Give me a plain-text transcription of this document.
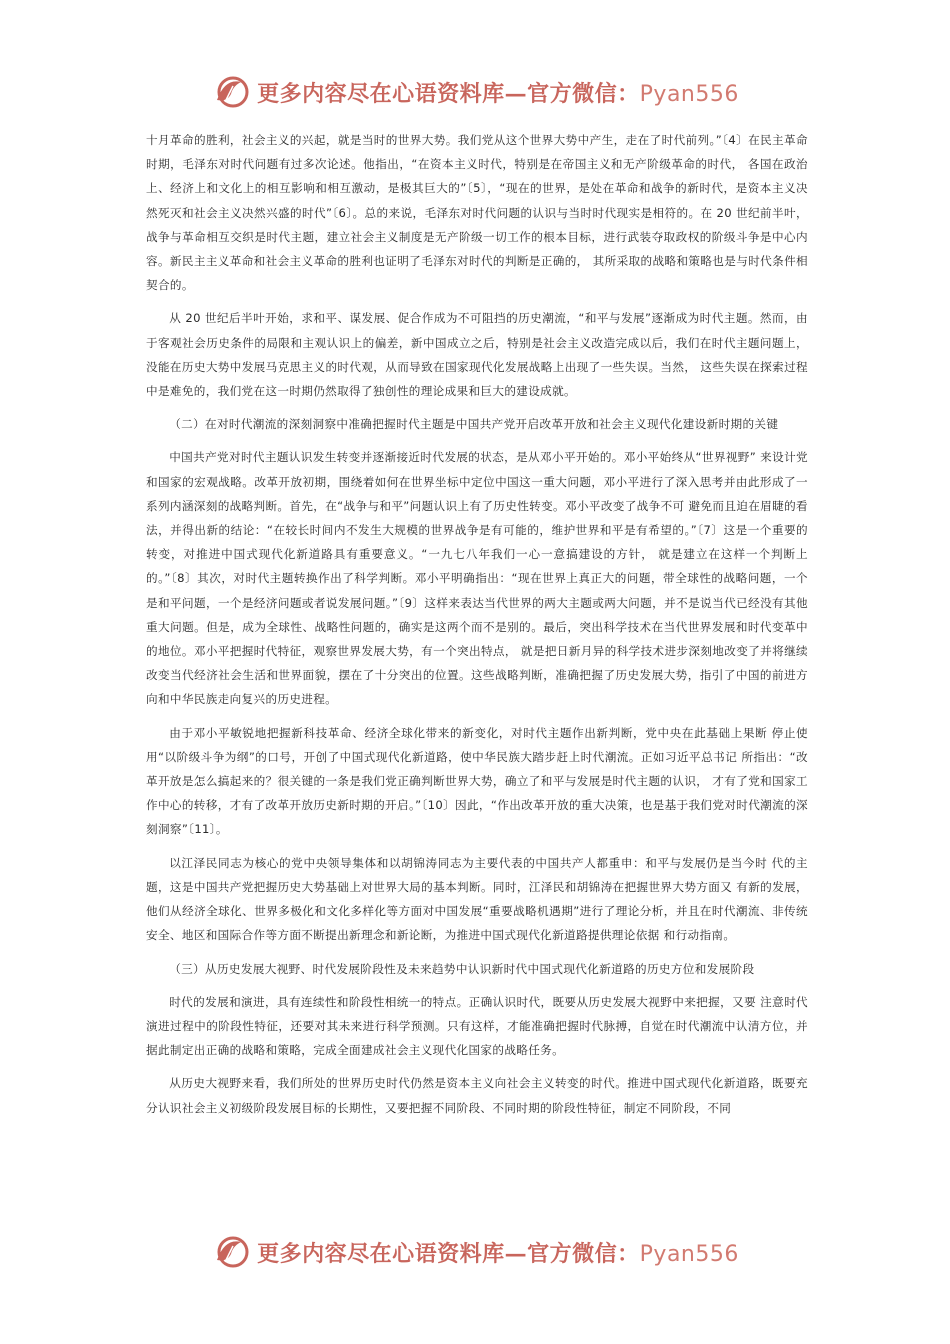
更多内容尽在心语资料库—官方微信：Pyan556

十月革命的胜利，社会主义的兴起，就是当时的世界大势。我们党从这个世界大势中产生，走在了时代前列。”〔4〕在民主革命时期，毛泽东对时代问题有过多次论述。他指出，“在资本主义时代，特别是在帝国主义和无产阶级革命的时代， 各国在政治上、经济上和文化上的相互影响和相互激动，是极其巨大的”〔5〕，“现在的世界，是处在革命和战争的新时代，是资本主义决然死灭和社会主义决然兴盛的时代”〔6〕。总的来说，毛泽东对时代问题的认识与当时时代现实是相符的。在 20 世纪前半叶，战争与革命相互交织是时代主题，建立社会主义制度是无产阶级一切工作的根本目标，进行武装夺取政权的阶级斗争是中心内容。新民主主义革命和社会主义革命的胜利也证明了毛泽东对时代的判断是正确的， 其所采取的战略和策略也是与时代条件相契合的。

从 20 世纪后半叶开始，求和平、谋发展、促合作成为不可阻挡的历史潮流，“和平与发展”逐渐成为时代主题。然而，由于客观社会历史条件的局限和主观认识上的偏差，新中国成立之后，特别是社会主义改造完成以后，我们在时代主题问题上，没能在历史大势中发展马克思主义的时代观，从而导致在国家现代化发展战略上出现了一些失误。当然， 这些失误在探索过程中是难免的，我们党在这一时期仍然取得了独创性的理论成果和巨大的建设成就。

（二）在对时代潮流的深刻洞察中准确把握时代主题是中国共产党开启改革开放和社会主义现代化建设新时期的关键

中国共产党对时代主题认识发生转变并逐渐接近时代发展的状态，是从邓小平开始的。邓小平始终从“世界视野” 来设计党和国家的宏观战略。改革开放初期，围绕着如何在世界坐标中定位中国这一重大问题，邓小平进行了深入思考并由此形成了一系列内涵深刻的战略判断。首先，在“战争与和平”问题认识上有了历史性转变。邓小平改变了战争不可 避免而且迫在眉睫的看法，并得出新的结论：“在较长时间内不发生大规模的世界战争是有可能的，维护世界和平是有希望的。”〔7〕这是一个重要的转变，对推进中国式现代化新道路具有重要意义。“一九七八年我们一心一意搞建设的方针， 就是建立在这样一个判断上的。”〔8〕其次，对时代主题转换作出了科学判断。邓小平明确指出：“现在世界上真正大的问题，带全球性的战略问题，一个是和平问题，一个是经济问题或者说发展问题。”〔9〕这样来表达当代世界的两大主题或两大问题，并不是说当代已经没有其他重大问题。但是，成为全球性、战略性问题的，确实是这两个而不是别的。最后，突出科学技术在当代世界发展和时代变革中的地位。邓小平把握时代特征，观察世界发展大势，有一个突出特点， 就是把日新月异的科学技术进步深刻地改变了并将继续改变当代经济社会生活和世界面貌，摆在了十分突出的位置。这些战略判断，准确把握了历史发展大势，指引了中国的前进方向和中华民族走向复兴的历史进程。

由于邓小平敏锐地把握新科技革命、经济全球化带来的新变化，对时代主题作出新判断，党中央在此基础上果断 停止使用“以阶级斗争为纲”的口号，开创了中国式现代化新道路，使中华民族大踏步赶上时代潮流。正如习近平总书记 所指出：“改革开放是怎么搞起来的？很关键的一条是我们党正确判断世界大势，确立了和平与发展是时代主题的认识， 才有了党和国家工作中心的转移，才有了改革开放历史新时期的开启。”〔10〕因此，“作出改革开放的重大决策，也是基于我们党对时代潮流的深刻洞察”〔11〕。

以江泽民同志为核心的党中央领导集体和以胡锦涛同志为主要代表的中国共产人都重申：和平与发展仍是当今时 代的主题，这是中国共产党把握历史大势基础上对世界大局的基本判断。同时，江泽民和胡锦涛在把握世界大势方面又 有新的发展，他们从经济全球化、世界多极化和文化多样化等方面对中国发展“重要战略机遇期”进行了理论分析，并且在时代潮流、非传统安全、地区和国际合作等方面不断提出新理念和新论断，为推进中国式现代化新道路提供理论依据 和行动指南。

（三）从历史发展大视野、时代发展阶段性及未来趋势中认识新时代中国式现代化新道路的历史方位和发展阶段

时代的发展和演进，具有连续性和阶段性相统一的特点。正确认识时代，既要从历史发展大视野中来把握，又要 注意时代演进过程中的阶段性特征，还要对其未来进行科学预测。只有这样，才能准确把握时代脉搏，自觉在时代潮流中认清方位，并据此制定出正确的战略和策略，完成全面建成社会主义现代化国家的战略任务。

从历史大视野来看，我们所处的世界历史时代仍然是资本主义向社会主义转变的时代。推进中国式现代化新道路，既要充分认识社会主义初级阶段发展目标的长期性，又要把握不同阶段、不同时期的阶段性特征，制定不同阶段，不同

更多内容尽在心语资料库—官方微信：Pyan556
